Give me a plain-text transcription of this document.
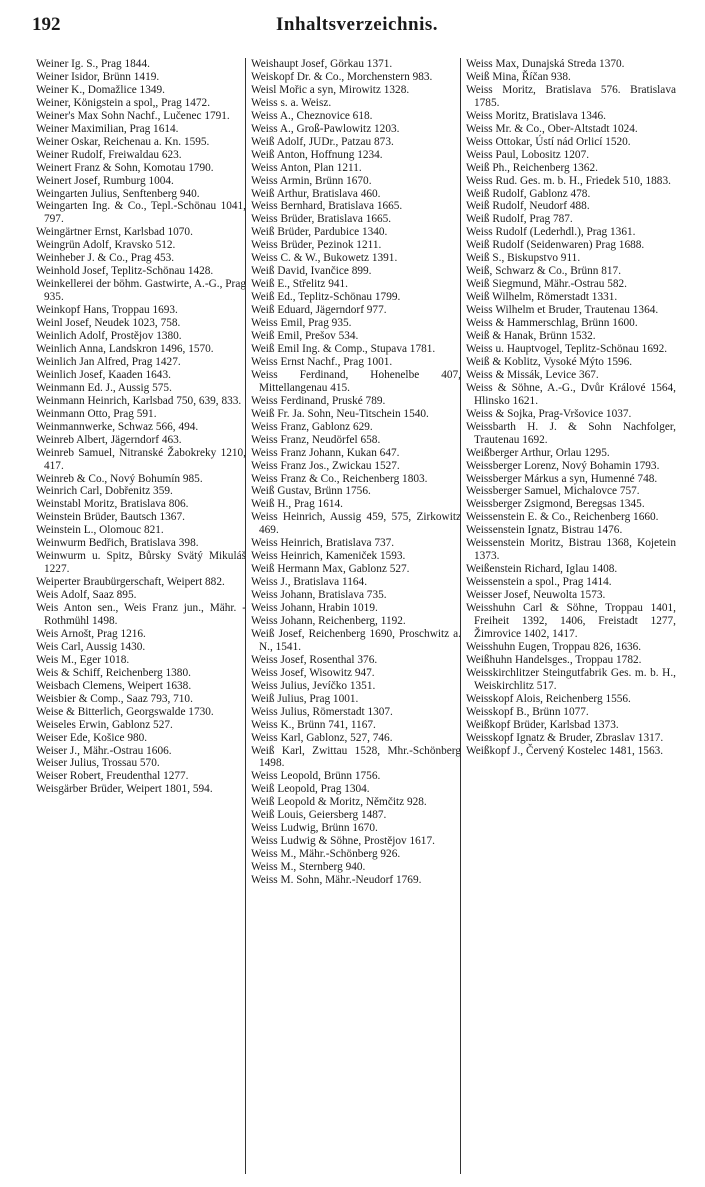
192	Inhaltsverzeichnis.

Weiner Ig. S., Prag 1844.

Weiner Isidor, Brünn 1419.

Weiner K., Domažlice 1349.

Weiner, Königstein a spol,, Prag 1472.

Weiner's Max Sohn Nachf., Lučenec 1791.

Weiner Maximilian, Prag 1614.

Weiner Oskar, Reichenau a. Kn. 1595.

Weiner Rudolf, Freiwaldau 623.

Weinert Franz & Sohn, Komotau 1790.

Weinert Josef, Rumburg 1004.

Weingarten Julius, Senftenberg 940.

Weingarten Ing. & Co., Tepl.-Schönau 1041, 797.

Weingärtner Ernst, Karlsbad 1070.

Weingrün Adolf, Kravsko 512.

Weinheber J. & Co., Prag 453.

Weinhold Josef, Teplitz-Schönau 1428.

Weinkellerei der böhm. Gastwirte, A.-G., Prag 935.

Weinkopf Hans, Troppau 1693.

Weinl Josef, Neudek 1023, 758.

Weinlich Adolf, Prostějov 1380.

Weinlich Anna, Landskron 1496, 1570.

Weinlich Jan Alfred, Prag 1427.

Weinlich Josef, Kaaden 1643.

Weinmann Ed. J., Aussig 575.

Weinmann Heinrich, Karlsbad 750, 639, 833.

Weinmann Otto, Prag 591.

Weinmannwerke, Schwaz 566, 494.

Weinreb Albert, Jägerndorf 463.

Weinreb Samuel, Nitranské Žabokreky 1210, 417.

Weinreb & Co., Nový Bohumín 985.

Weinrich Carl, Dobřenitz 359.

Weinstabl Moritz, Bratislava 806.

Weinstein Brüder, Bautsch 1367.

Weinstein L., Olomouc 821.

Weinwurm Bedřich, Bratislava 398.

Weinwurm u. Spitz, Bůrsky Svätý Mikuláš 1227.

Weiperter Braubürgerschaft, Weipert 882.

Weis Adolf, Saaz 895.

Weis Anton sen., Weis Franz jun., Mähr. - Rothmühl 1498.

Weis Arnošt, Prag 1216.

Weis Carl, Aussig 1430.

Weis M., Eger 1018.

Weis & Schiff, Reichenberg 1380.

Weisbach Clemens, Weipert 1638.

Weisbier & Comp., Saaz 793, 710.

Weise & Bitterlich, Georgswalde 1730.

Weiseles Erwin, Gablonz 527.

Weiser Ede, Košice 980.

Weiser J., Mähr.-Ostrau 1606.

Weiser Julius, Trossau 570.

Weiser Robert, Freudenthal 1277.

Weisgärber Brüder, Weipert 1801, 594.

Weishaupt Josef, Görkau 1371.

Weiskopf Dr. & Co., Morchenstern 983.

Weisl Mořic a syn, Mirowitz 1328.

Weiss s. a. Weisz.

Weiss A., Cheznovice 618.

Weiss A., Groß-Pawlowitz 1203.

Weiß Adolf, JUDr., Patzau 873.

Weiß Anton, Hoffnung 1234.

Weiss Anton, Plan 1211.

Weiss Armin, Brünn 1670.

Weiß Arthur, Bratislava 460.

Weiss Bernhard, Bratislava 1665.

Weiss Brüder, Bratislava 1665.

Weiß Brüder, Pardubice 1340.

Weiss Brüder, Pezinok 1211.

Weiss C. & W., Bukowetz 1391.

Weiß David, Ivančice 899.

Weiß E., Střelitz 941.

Weiß Ed., Teplitz-Schönau 1799.

Weiß Eduard, Jägerndorf 977.

Weiss Emil, Prag 935.

Weiß Emil, Prešov 534.

Weiß Emil Ing. & Comp., Stupava 1781.

Weiss Ernst Nachf., Prag 1001.

Weiss Ferdinand, Hohenelbe 407, Mittellangenau 415.

Weiss Ferdinand, Pruské 789.

Weiß Fr. Ja. Sohn, Neu-Titschein 1540.

Weiss Franz, Gablonz 629.

Weiss Franz, Neudörfel 658.

Weiss Franz Johann, Kukan 647.

Weiss Franz Jos., Zwickau 1527.

Weiss Franz & Co., Reichenberg 1803.

Weiß Gustav, Brünn 1756.

Weiß H., Prag 1614.

Weiss Heinrich, Aussig 459, 575, Zirkowitz 469.

Weiss Heinrich, Bratislava 737.

Weiss Heinrich, Kameniček 1593.

Weiß Hermann Max, Gablonz 527.

Weiss J., Bratislava 1164.

Weiss Johann, Bratislava 735.

Weiss Johann, Hrabin 1019.

Weiss Johann, Reichenberg, 1192.

Weiß Josef, Reichenberg 1690, Proschwitz a. N., 1541.

Weiss Josef, Rosenthal 376.

Weiss Josef, Wisowitz 947.

Weiss Julius, Jevíčko 1351.

Weiß Julius, Prag 1001.

Weiss Julius, Römerstadt 1307.

Weiss K., Brünn 741, 1167.

Weiss Karl, Gablonz, 527, 746.

Weiß Karl, Zwittau 1528, Mhr.-Schönberg 1498.

Weiss Leopold, Brünn 1756.

Weiß Leopold, Prag 1304.

Weiß Leopold & Moritz, Němčitz 928.

Weiß Louis, Geiersberg 1487.

Weiss Ludwig, Brünn 1670.

Weiss Ludwig & Söhne, Prostějov 1617.

Weiss M., Mähr.-Schönberg 926.

Weiss M., Sternberg 940.

Weiss M. Sohn, Mähr.-Neudorf 1769.

Weiss Max, Dunajská Streda 1370.

Weiß Mina, Říčan 938.

Weiss Moritz, Bratislava 576. Bratislava 1785.

Weiss Moritz, Bratislava 1346.

Weiss Mr. & Co., Ober-Altstadt 1024.

Weiss Ottokar, Ústí nád Orlicí 1520.

Weiss Paul, Lobositz 1207.

Weiß Ph., Reichenberg 1362.

Weiss Rud. Ges. m. b. H., Friedek 510, 1883.

Weiß Rudolf, Gablonz 478.

Weiß Rudolf, Neudorf 488.

Weiß Rudolf, Prag 787.

Weiss Rudolf (Lederhdl.), Prag 1361.

Weiß Rudolf (Seidenwaren) Prag 1688.

Weiß S., Biskupstvo 911.

Weiß, Schwarz & Co., Brünn 817.

Weiß Siegmund, Mähr.-Ostrau 582.

Weiß Wilhelm, Römerstadt 1331.

Weiss Wilhelm et Bruder, Trautenau 1364.

Weiss & Hammerschlag, Brünn 1600.

Weiß & Hanak, Brünn 1532.

Weiss u. Hauptvogel, Teplitz-Schönau 1692.

Weiß & Koblitz, Vysoké Mýto 1596.

Weiss & Missák, Levice 367.

Weiss & Söhne, A.-G., Dvůr Králové 1564, Hlinsko 1621.

Weiss & Sojka, Prag-Vršovice 1037.

Weissbarth H. J. & Sohn Nachfolger, Trautenau 1692.

Weißberger Arthur, Orlau 1295.

Weissberger Lorenz, Nový Bohamin 1793.

Weissberger Márkus a syn, Humenné 748.

Weissberger Samuel, Michalovce 757.

Weissberger Zsigmond, Beregsas 1345.

Weissenstein E. & Co., Reichenberg 1660.

Weissenstein Ignatz, Bistrau 1476.

Weissenstein Moritz, Bistrau 1368, Kojetein 1373.

Weißenstein Richard, Iglau 1408.

Weissenstein a spol., Prag 1414.

Weisser Josef, Neuwolta 1573.

Weisshuhn Carl & Söhne, Troppau 1401, Freiheit 1392, 1406, Freistadt 1277, Žimrovice 1402, 1417.

Weisshuhn Eugen, Troppau 826, 1636.

Weißhuhn Handelsges., Troppau 1782.

Weisskirchlitzer Steingutfabrik Ges. m. b. H., Weiskirchlitz 517.

Weisskopf Alois, Reichenberg 1556.

Weisskopf B., Brünn 1077.

Weißkopf Brüder, Karlsbad 1373.

Weisskopf Ignatz & Bruder, Zbraslav 1317.

Weißkopf J., Červený Kostelec 1481, 1563.
